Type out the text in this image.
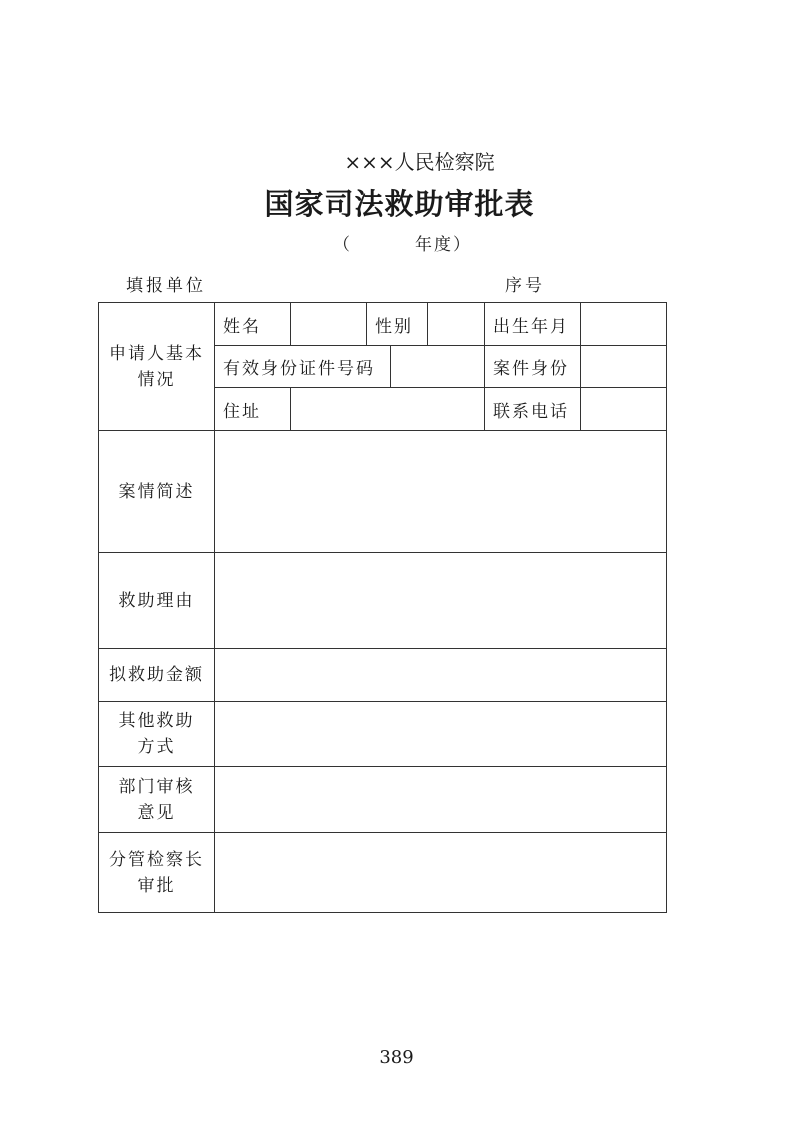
×××人民检察院
国家司法救助审批表
（	年度）
填报单位	序号
申请人基本
情况	姓名		性别			出生年月	
	有效身份证件号码					案件身份	
	住址					联系电话	
案情简述							
救助理由							
拟救助金额							

其他救助
方式							

部门审核
意见							

分管检察长
审批							

389
